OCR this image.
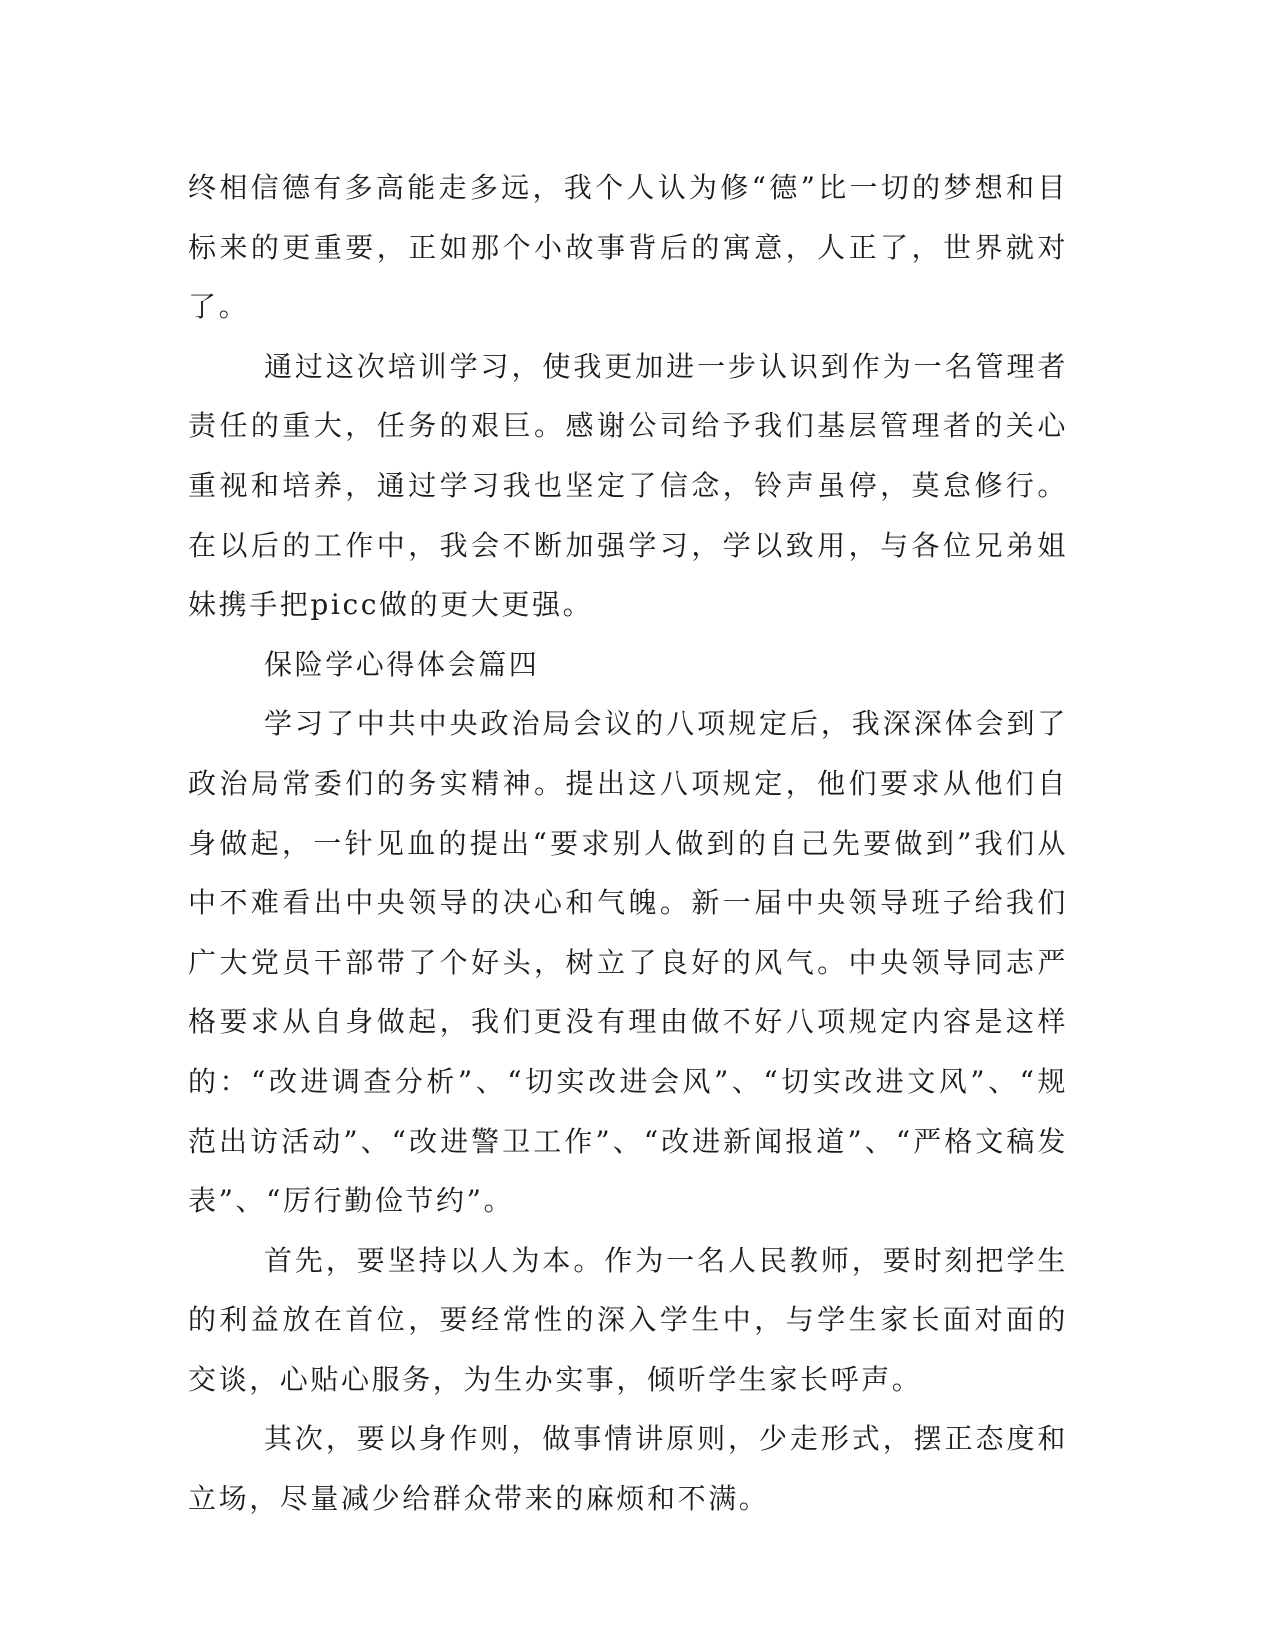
终相信德有多高能走多远，我个人认为修“德”比一切的梦想和目标来的更重要，正如那个小故事背后的寓意，人正了，世界就对了。

通过这次培训学习，使我更加进一步认识到作为一名管理者责任的重大，任务的艰巨。感谢公司给予我们基层管理者的关心重视和培养，通过学习我也坚定了信念，铃声虽停，莫怠修行。在以后的工作中，我会不断加强学习，学以致用，与各位兄弟姐妹携手把picc做的更大更强。

保险学心得体会篇四

学习了中共中央政治局会议的八项规定后，我深深体会到了政治局常委们的务实精神。提出这八项规定，他们要求从他们自身做起，一针见血的提出“要求别人做到的自己先要做到”我们从中不难看出中央领导的决心和气魄。新一届中央领导班子给我们广大党员干部带了个好头，树立了良好的风气。中央领导同志严格要求从自身做起，我们更没有理由做不好八项规定内容是这样的：“改进调查分析”、“切实改进会风”、“切实改进文风”、“规范出访活动”、“改进警卫工作”、“改进新闻报道”、“严格文稿发表”、“厉行勤俭节约”。

首先，要坚持以人为本。作为一名人民教师，要时刻把学生的利益放在首位，要经常性的深入学生中，与学生家长面对面的交谈，心贴心服务，为生办实事，倾听学生家长呼声。

其次，要以身作则，做事情讲原则，少走形式，摆正态度和立场，尽量减少给群众带来的麻烦和不满。
